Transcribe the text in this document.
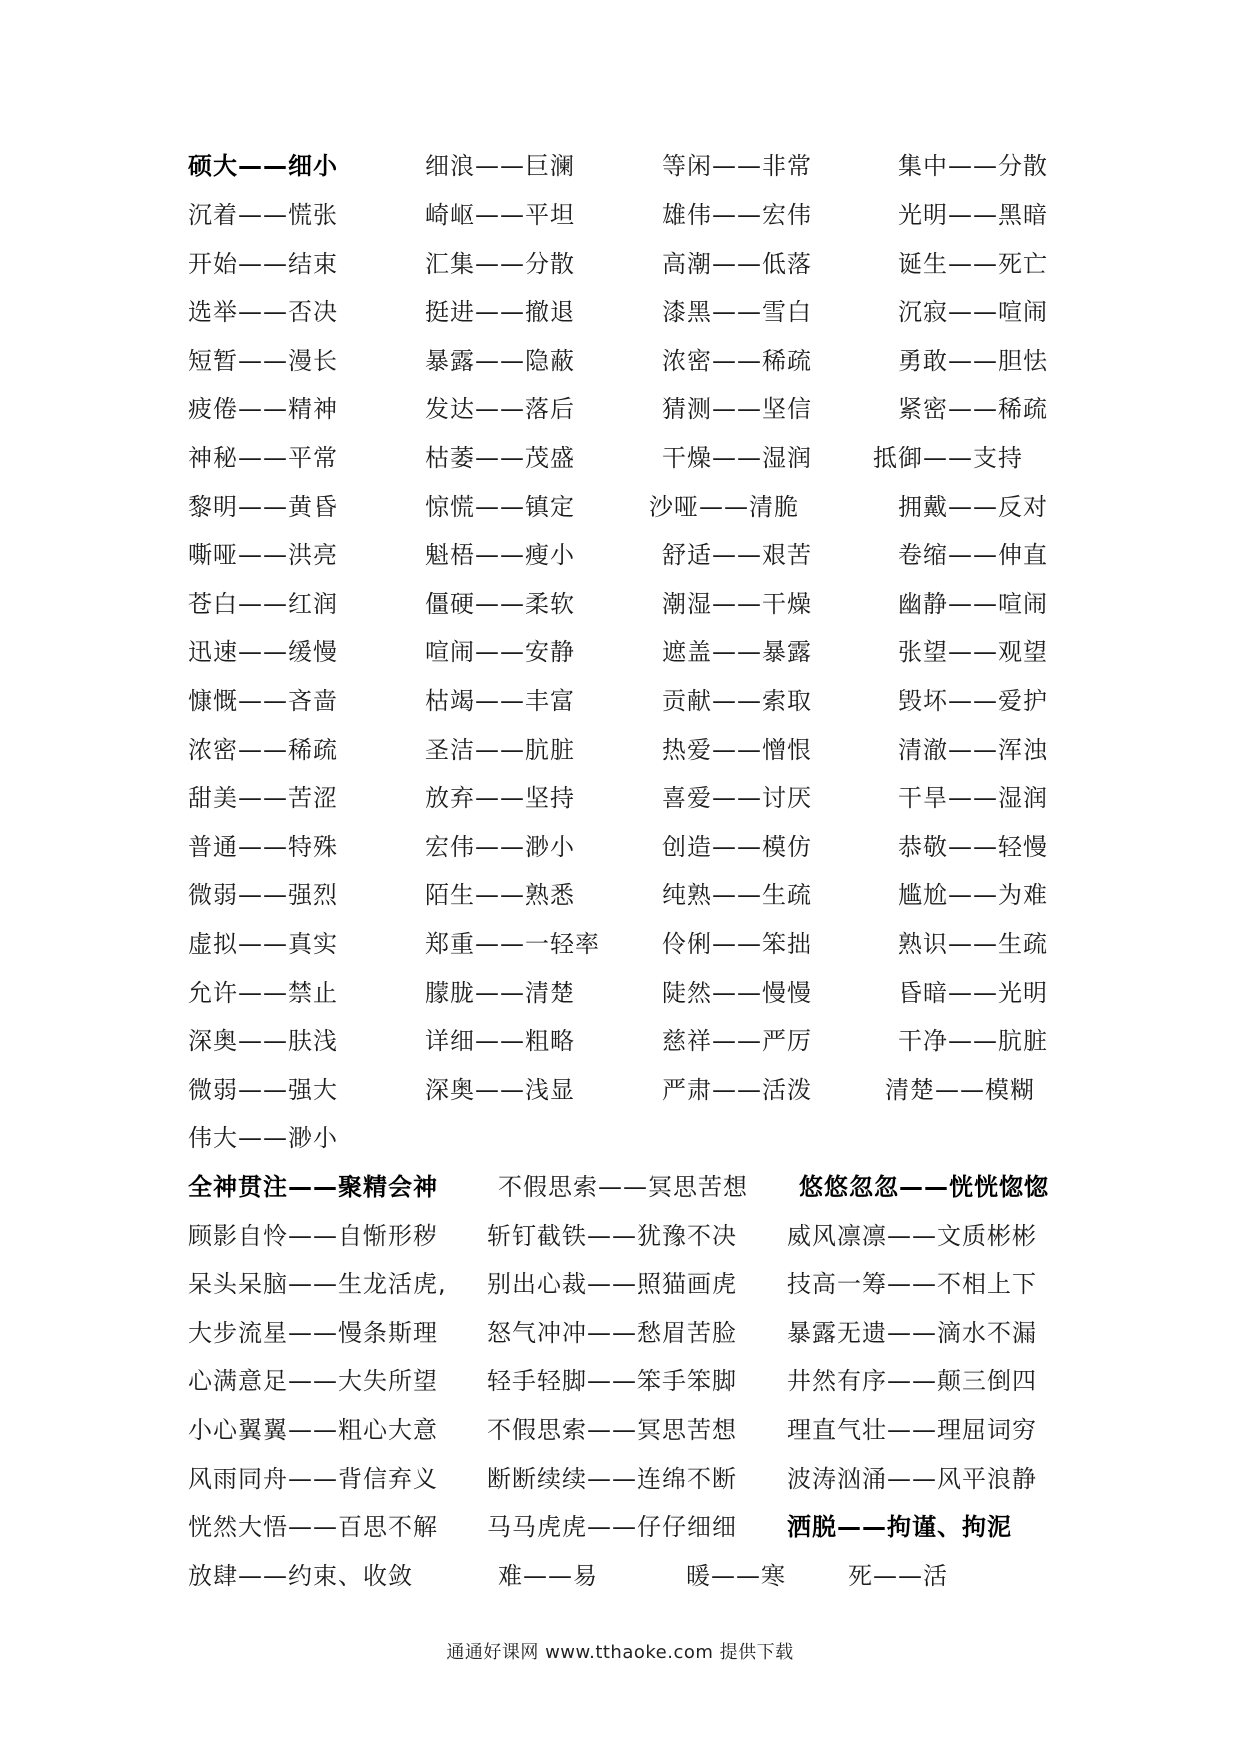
硕大——细小	细浪——巨澜	等闲——非常	集中——分散
沉着——慌张	崎岖——平坦	雄伟——宏伟	光明——黑暗
开始——结束	汇集——分散	高潮——低落	诞生——死亡
选举——否决	挺进——撤退	漆黑——雪白	沉寂——喧闹
短暂——漫长	暴露——隐蔽	浓密——稀疏	勇敢——胆怯
疲倦——精神	发达——落后	猜测——坚信	紧密——稀疏
神秘——平常	枯萎——茂盛	干燥——湿润	抵御——支持
黎明——黄昏	惊慌——镇定	沙哑——清脆	拥戴——反对
嘶哑——洪亮	魁梧——瘦小	舒适——艰苦	卷缩——伸直
苍白——红润	僵硬——柔软	潮湿——干燥	幽静——喧闹
迅速——缓慢	喧闹——安静	遮盖——暴露	张望——观望
慷慨——吝啬	枯竭——丰富	贡献——索取	毁坏——爱护
浓密——稀疏	圣洁——肮脏	热爱——憎恨	清澈——浑浊
甜美——苦涩	放弃——坚持	喜爱——讨厌	干旱——湿润
普通——特殊	宏伟——渺小	创造——模仿	恭敬——轻慢
微弱——强烈	陌生——熟悉	纯熟——生疏	尴尬——为难
虚拟——真实	郑重——一轻率	伶俐——笨拙	熟识——生疏
允许——禁止	朦胧——清楚	陡然——慢慢	昏暗——光明
深奥——肤浅	详细——粗略	慈祥——严厉	干净——肮脏
微弱——强大	深奥——浅显	严肃——活泼	清楚——模糊
伟大——渺小
全神贯注——聚精会神	不假思索——冥思苦想 悠悠忽忽——恍恍惚惚
顾影自怜——自惭形秽 斩钉截铁——犹豫不决 威风凛凛——文质彬彬
呆头呆脑——生龙活虎, 别出心裁——照猫画虎 技高一筹——不相上下
大步流星——慢条斯理 怒气冲冲——愁眉苦脸 暴露无遗——滴水不漏
心满意足——大失所望 轻手轻脚——笨手笨脚 井然有序——颠三倒四
小心翼翼——粗心大意 不假思索——冥思苦想 理直气壮——理屈词穷
风雨同舟——背信弃义 断断续续——连绵不断 波涛汹涌——风平浪静
恍然大悟——百思不解 马马虎虎——仔仔细细 洒脱——拘谨、拘泥
放肆——约束、收敛	难——易	暖——寒	死——活
通通好课网 www.tthaoke.com 提供下载
